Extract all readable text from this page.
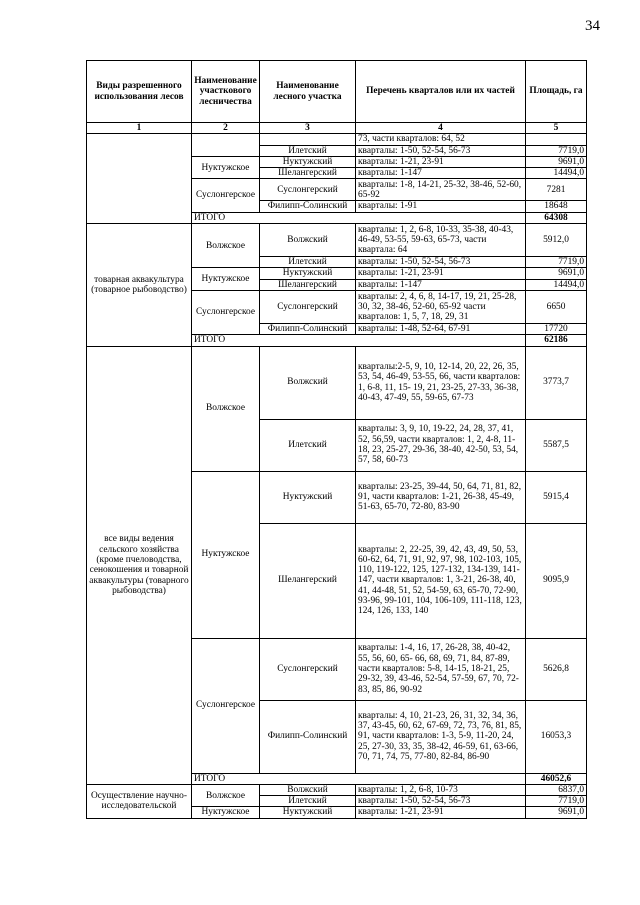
34
Виды разрешенного использования лесов	Наименование участкового лесничества	Наименование лесного участка	Перечень кварталов или их частей	Площадь, га
1	2	3	4	5
			73, части кварталов: 64, 52	
		Илетский	кварталы: 1-50, 52-54, 56-73	7719,0
	Нуктужское	Нуктужский	кварталы: 1-21, 23-91	9691,0
		Шелангерский	кварталы: 1-147	14494,0
	Суслонгерское	Суслонгерский	кварталы: 1-8, 14-21, 25-32, 38-46, 52-60, 65-92	7281
		Филипп-Солинский	кварталы: 1-91	18648
	ИТОГО			64308
товарная аквакультура (товарное рыбоводство)	Волжское	Волжский	кварталы: 1, 2, 6-8, 10-33, 35-38, 40-43, 46-49, 53-55, 59-63, 65-73, части квартала: 64	5912,0
		Илетский	кварталы: 1-50, 52-54, 56-73	7719,0
	Нуктужское	Нуктужский	кварталы: 1-21, 23-91	9691,0
		Шелангерский	кварталы: 1-147	14494,0
	Суслонгерское	Суслонгерский	кварталы: 2, 4, 6, 8, 14-17, 19, 21, 25-28, 30, 32, 38-46, 52-60, 65-92 части кварталов: 1, 5, 7, 18, 29, 31	6650
		Филипп-Солинский	кварталы: 1-48, 52-64, 67-91	17720
	ИТОГО			62186
все виды ведения сельского хозяйства (кроме пчеловодства, сенокошения и товарной аквакультуры (товарного рыбоводства)	Волжское	Волжский	кварталы:2-5, 9, 10, 12-14, 20, 22, 26, 35, 53, 54, 46-49, 53-55, 66, части кварталов: 1, 6-8, 11, 15- 19, 21, 23-25, 27-33, 36-38, 40-43, 47-49, 55, 59-65, 67-73	3773,7
		Илетский	кварталы: 3, 9, 10, 19-22, 24, 28, 37, 41, 52, 56,59, части кварталов: 1, 2, 4-8, 11-18, 23, 25-27, 29-36, 38-40, 42-50, 53, 54, 57, 58, 60-73	5587,5
	Нуктужское	Нуктужский	кварталы: 23-25, 39-44, 50, 64, 71, 81, 82, 91, части кварталов: 1-21, 26-38, 45-49, 51-63, 65-70, 72-80, 83-90	5915,4
		Шелангерский	кварталы: 2, 22-25, 39, 42, 43, 49, 50, 53, 60-62, 64, 71, 91, 92, 97, 98, 102-103, 105, 110, 119-122, 125, 127-132, 134-139, 141-147, части кварталов: 1, 3-21, 26-38, 40, 41, 44-48, 51, 52, 54-59, 63, 65-70, 72-90, 93-96, 99-101, 104, 106-109, 111-118, 123, 124, 126, 133, 140	9095,9
	Суслонгерское	Суслонгерский	кварталы: 1-4, 16, 17, 26-28, 38, 40-42, 55, 56, 60, 65- 66, 68, 69, 71, 84, 87-89, части кварталов: 5-8, 14-15, 18-21, 25, 29-32, 39, 43-46, 52-54, 57-59, 67, 70, 72-83, 85, 86, 90-92	5626,8
		Филипп-Солинский	кварталы: 4, 10, 21-23, 26, 31, 32, 34, 36, 37, 43-45, 60, 62, 67-69, 72, 73, 76, 81, 85, 91, части кварталов: 1-3, 5-9, 11-20, 24, 25, 27-30, 33, 35, 38-42, 46-59, 61, 63-66, 70, 71, 74, 75, 77-80, 82-84, 86-90	16053,3
	ИТОГО			46052,6
Осуществление научно-исследовательской	Волжское	Волжский	кварталы: 1, 2, 6-8, 10-73	6837,0
		Илетский	кварталы: 1-50, 52-54, 56-73	7719,0
	Нуктужское	Нуктужский	кварталы: 1-21, 23-91	9691,0
